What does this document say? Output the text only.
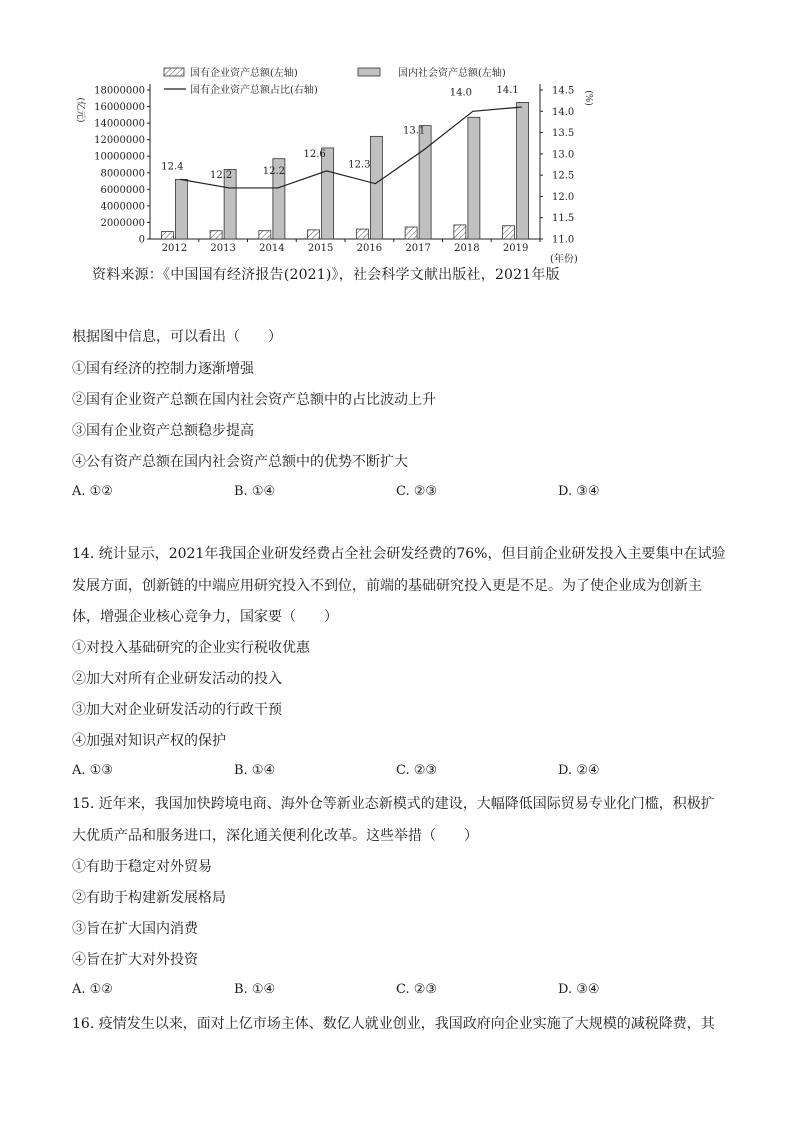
国有企业资产总额(左轴)	国内社会资产总额(左轴)
国有企业资产总额占比(右轴)
0
2000000
4000000
6000000
8000000
10000000
12000000
14000000
16000000
18000000
(亿元)
11.0
11.5
12.0
12.5
13.0
13.5
14.0
14.5 (%)
2012 2013 2014 2015 2016 2017 2018 2019
(年份)
12.4
12.2	12.2
12.6
12.3
13.1
14.0 14.1
资料来源：《中国国有经济报告(2021)》，社会科学文献出版社，2021年版
根据图中信息，可以看出（　　）
①国有经济的控制力逐渐增强
②国有企业资产总额在国内社会资产总额中的占比波动上升
③国有企业资产总额稳步提高
④公有资产总额在国内社会资产总额中的优势不断扩大
A. ①②	B. ①④	C. ②③	D. ③④
14. 统计显示，2021年我国企业研发经费占全社会研发经费的76%，但目前企业研发投入主要集中在试验
发展方面，创新链的中端应用研究投入不到位，前端的基础研究投入更是不足。为了使企业成为创新主
体，增强企业核心竞争力，国家要（　　）
①对投入基础研究的企业实行税收优惠
②加大对所有企业研发活动的投入
③加大对企业研发活动的行政干预
④加强对知识产权的保护
A. ①③	B. ①④	C. ②③	D. ②④
15. 近年来，我国加快跨境电商、海外仓等新业态新模式的建设，大幅降低国际贸易专业化门槛，积极扩
大优质产品和服务进口，深化通关便利化改革。这些举措（　　）
①有助于稳定对外贸易
②有助于构建新发展格局
③旨在扩大国内消费
④旨在扩大对外投资
A. ①②	B. ①④	C. ②③	D. ③④
16. 疫情发生以来，面对上亿市场主体、数亿人就业创业，我国政府向企业实施了大规模的减税降费，其
